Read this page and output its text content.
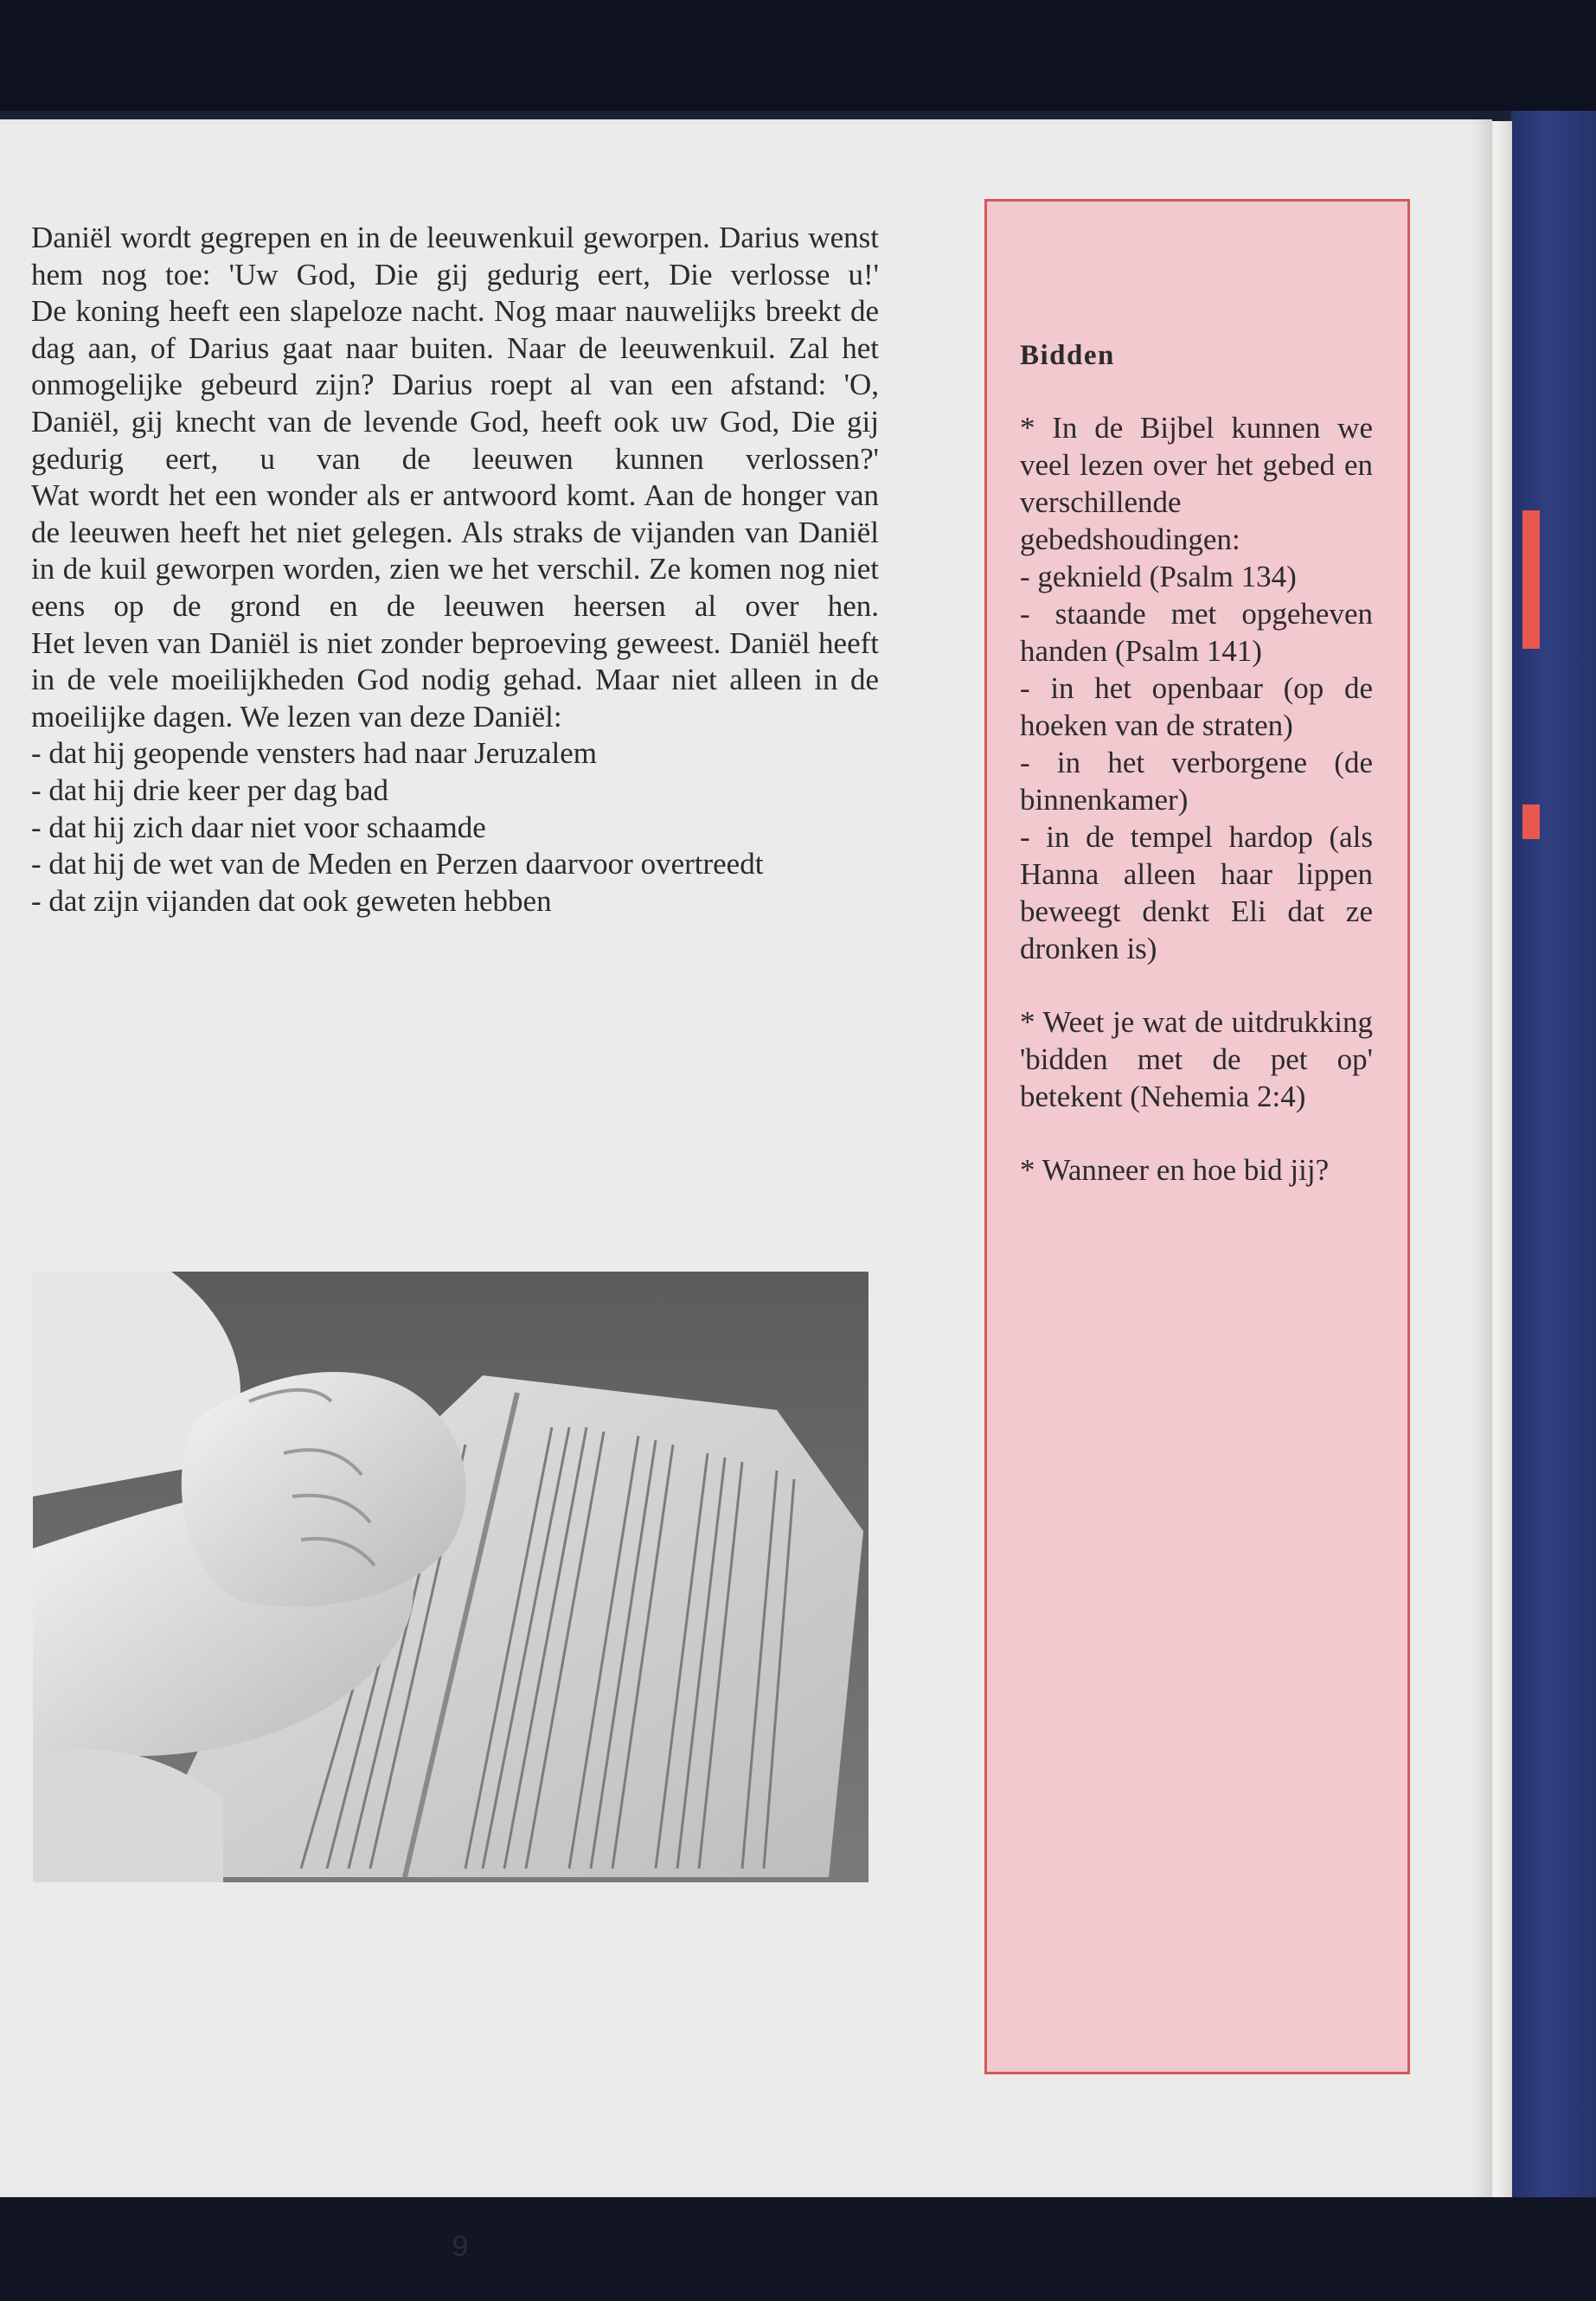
Daniël wordt gegrepen en in de leeuwenkuil geworpen. Darius wenst hem nog toe: 'Uw God, Die gij gedurig eert, Die verlosse u!'

De koning heeft een slapeloze nacht. Nog maar nauwelijks breekt de dag aan, of Darius gaat naar buiten. Naar de leeuwenkuil. Zal het onmogelijke gebeurd zijn? Darius roept al van een afstand: 'O, Daniël, gij knecht van de levende God, heeft ook uw God, Die gij gedurig eert, u van de leeuwen kunnen verlossen?'

Wat wordt het een wonder als er antwoord komt. Aan de honger van de leeuwen heeft het niet gelegen. Als straks de vijanden van Daniël in de kuil geworpen worden, zien we het verschil. Ze komen nog niet eens op de grond en de leeuwen heersen al over hen.

Het leven van Daniël is niet zonder beproeving geweest. Daniël heeft in de vele moeilijkheden God nodig gehad. Maar niet alleen in de moeilijke dagen. We lezen van deze Daniël:

- dat hij geopende vensters had naar Jeruzalem
- dat hij drie keer per dag bad
- dat hij zich daar niet voor schaamde
- dat hij de wet van de Meden en Perzen daarvoor overtreedt
- dat zijn vijanden dat ook geweten hebben
9
Bidden
* In de Bijbel kunnen we veel lezen over het gebed en verschillende gebedshoudingen:
- geknield (Psalm 134)
- staande met opgeheven handen (Psalm 141)
- in het openbaar (op de hoeken van de straten)
- in het verborgene (de binnenkamer)
- in de tempel hardop (als Hanna alleen haar lippen beweegt denkt Eli dat ze dronken is)

* Weet je wat de uitdrukking 'bidden met de pet op' betekent (Nehemia 2:4)

* Wanneer en hoe bid jij?
